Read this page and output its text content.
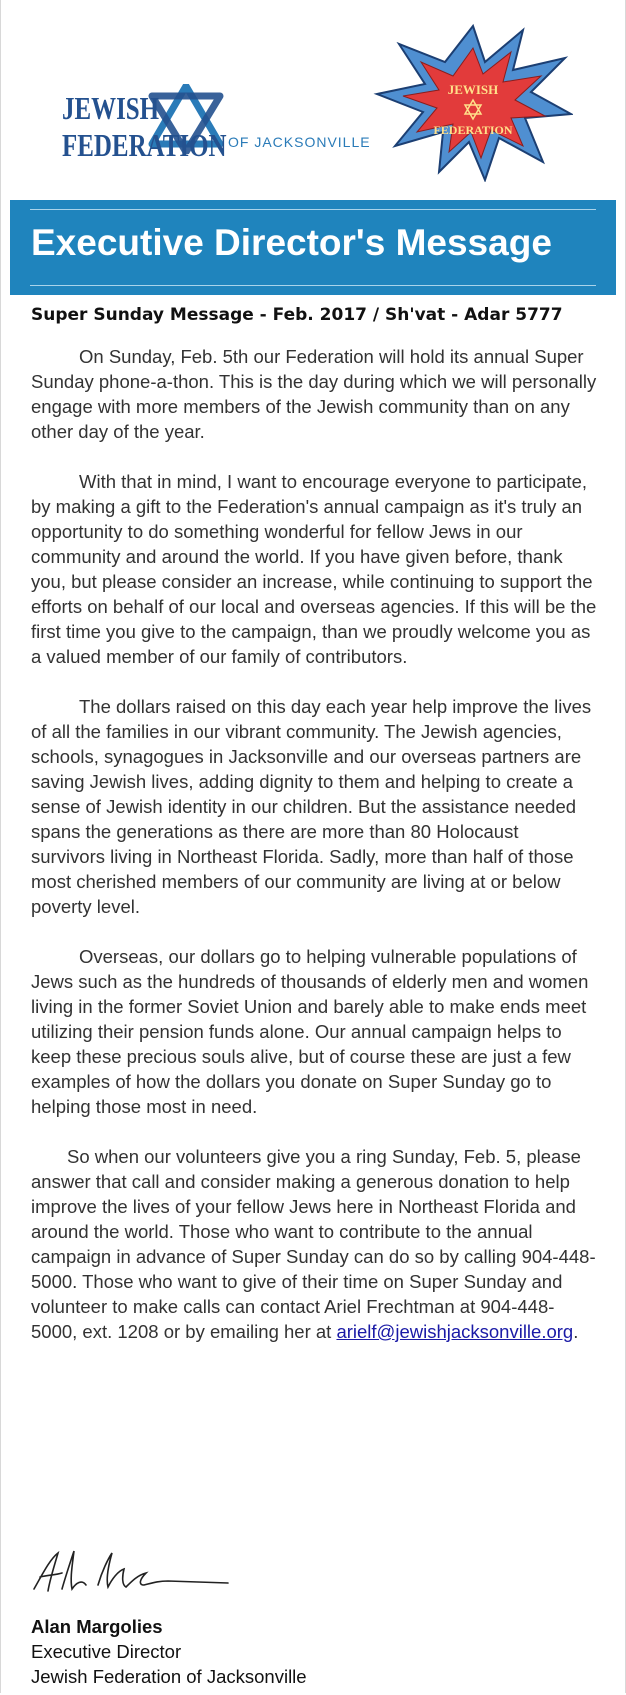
JEWISHFEDERATION OF JACKSONVILLE
JEWISH
FEDERATION
Executive Director's Message
Super Sunday Message - Feb. 2017 / Sh'vat - Adar 5777

On Sunday, Feb. 5th our Federation will hold its annual Super Sunday phone-a-thon. This is the day during which we will personally engage with more members of the Jewish community than on any other day of the year.

With that in mind, I want to encourage everyone to participate, by making a gift to the Federation's annual campaign as it's truly an opportunity to do something wonderful for fellow Jews in our community and around the world. If you have given before, thank you, but please consider an increase, while continuing to support the efforts on behalf of our local and overseas agencies. If this will be the first time you give to the campaign, than we proudly welcome you as a valued member of our family of contributors.

The dollars raised on this day each year help improve the lives of all the families in our vibrant community. The Jewish agencies, schools, synagogues in Jacksonville and our overseas partners are saving Jewish lives, adding dignity to them and helping to create a sense of Jewish identity in our children. But the assistance needed spans the generations as there are more than 80 Holocaust survivors living in Northeast Florida. Sadly, more than half of those most cherished members of our community are living at or below poverty level.

Overseas, our dollars go to helping vulnerable populations of Jews such as the hundreds of thousands of elderly men and women living in the former Soviet Union and barely able to make ends meet utilizing their pension funds alone. Our annual campaign helps to keep these precious souls alive, but of course these are just a few examples of how the dollars you donate on Super Sunday go to helping those most in need.

So when our volunteers give you a ring Sunday, Feb. 5, please answer that call and consider making a generous donation to help improve the lives of your fellow Jews here in Northeast Florida and around the world. Those who want to contribute to the annual campaign in advance of Super Sunday can do so by calling 904-448-5000. Those who want to give of their time on Super Sunday and volunteer to make calls can contact Ariel Frechtman at 904-448-5000, ext. 1208 or by emailing her at arielf@jewishjacksonville.org.

Alan Margolies
Executive Director
Jewish Federation of Jacksonville
